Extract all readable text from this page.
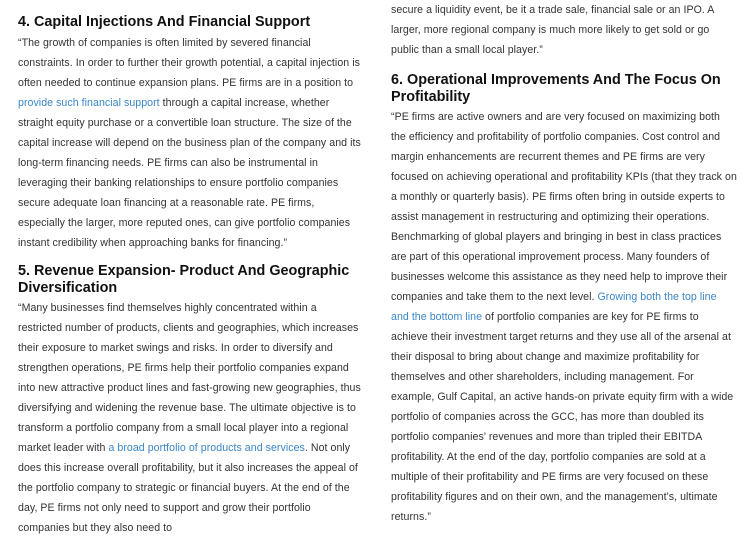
4. Capital Injections And Financial Support

“The growth of companies is often limited by severed financial constraints. In order to further their growth potential, a capital injection is often needed to continue expansion plans. PE firms are in a position to provide such financial support through a capital increase, whether straight equity purchase or a convertible loan structure. The size of the capital increase will depend on the business plan of the company and its long-term financing needs. PE firms can also be instrumental in leveraging their banking relationships to ensure portfolio companies secure adequate loan financing at a reasonable rate. PE firms, especially the larger, more reputed ones, can give portfolio companies instant credibility when approaching banks for financing.”

5. Revenue Expansion- Product And Geographic Diversification

“Many businesses find themselves highly concentrated within a restricted number of products, clients and geographies, which increases their exposure to market swings and risks. In order to diversify and strengthen operations, PE firms help their portfolio companies expand into new attractive product lines and fast-growing new geographies, thus diversifying and widening the revenue base. The ultimate objective is to transform a portfolio company from a small local player into a regional market leader with a broad portfolio of products and services. Not only does this increase overall profitability, but it also increases the appeal of the portfolio company to strategic or financial buyers. At the end of the day, PE firms not only need to support and grow their portfolio companies but they also need to

secure a liquidity event, be it a trade sale, financial sale or an IPO. A larger, more regional company is much more likely to get sold or go public than a small local player.”

6. Operational Improvements And The Focus On Profitability

“PE firms are active owners and are very focused on maximizing both the efficiency and profitability of portfolio companies. Cost control and margin enhancements are recurrent themes and PE firms are very focused on achieving operational and profitability KPIs (that they track on a monthly or quarterly basis). PE firms often bring in outside experts to assist management in restructuring and optimizing their operations. Benchmarking of global players and bringing in best in class practices are part of this operational improvement process. Many founders of businesses welcome this assistance as they need help to improve their companies and take them to the next level. Growing both the top line and the bottom line of portfolio companies are key for PE firms to achieve their investment target returns and they use all of the arsenal at their disposal to bring about change and maximize profitability for themselves and other shareholders, including management. For example, Gulf Capital, an active hands-on private equity firm with a wide portfolio of companies across the GCC, has more than doubled its portfolio companies’ revenues and more than tripled their EBITDA profitability. At the end of the day, portfolio companies are sold at a multiple of their profitability and PE firms are very focused on these profitability figures and on their own, and the management’s, ultimate returns.”
